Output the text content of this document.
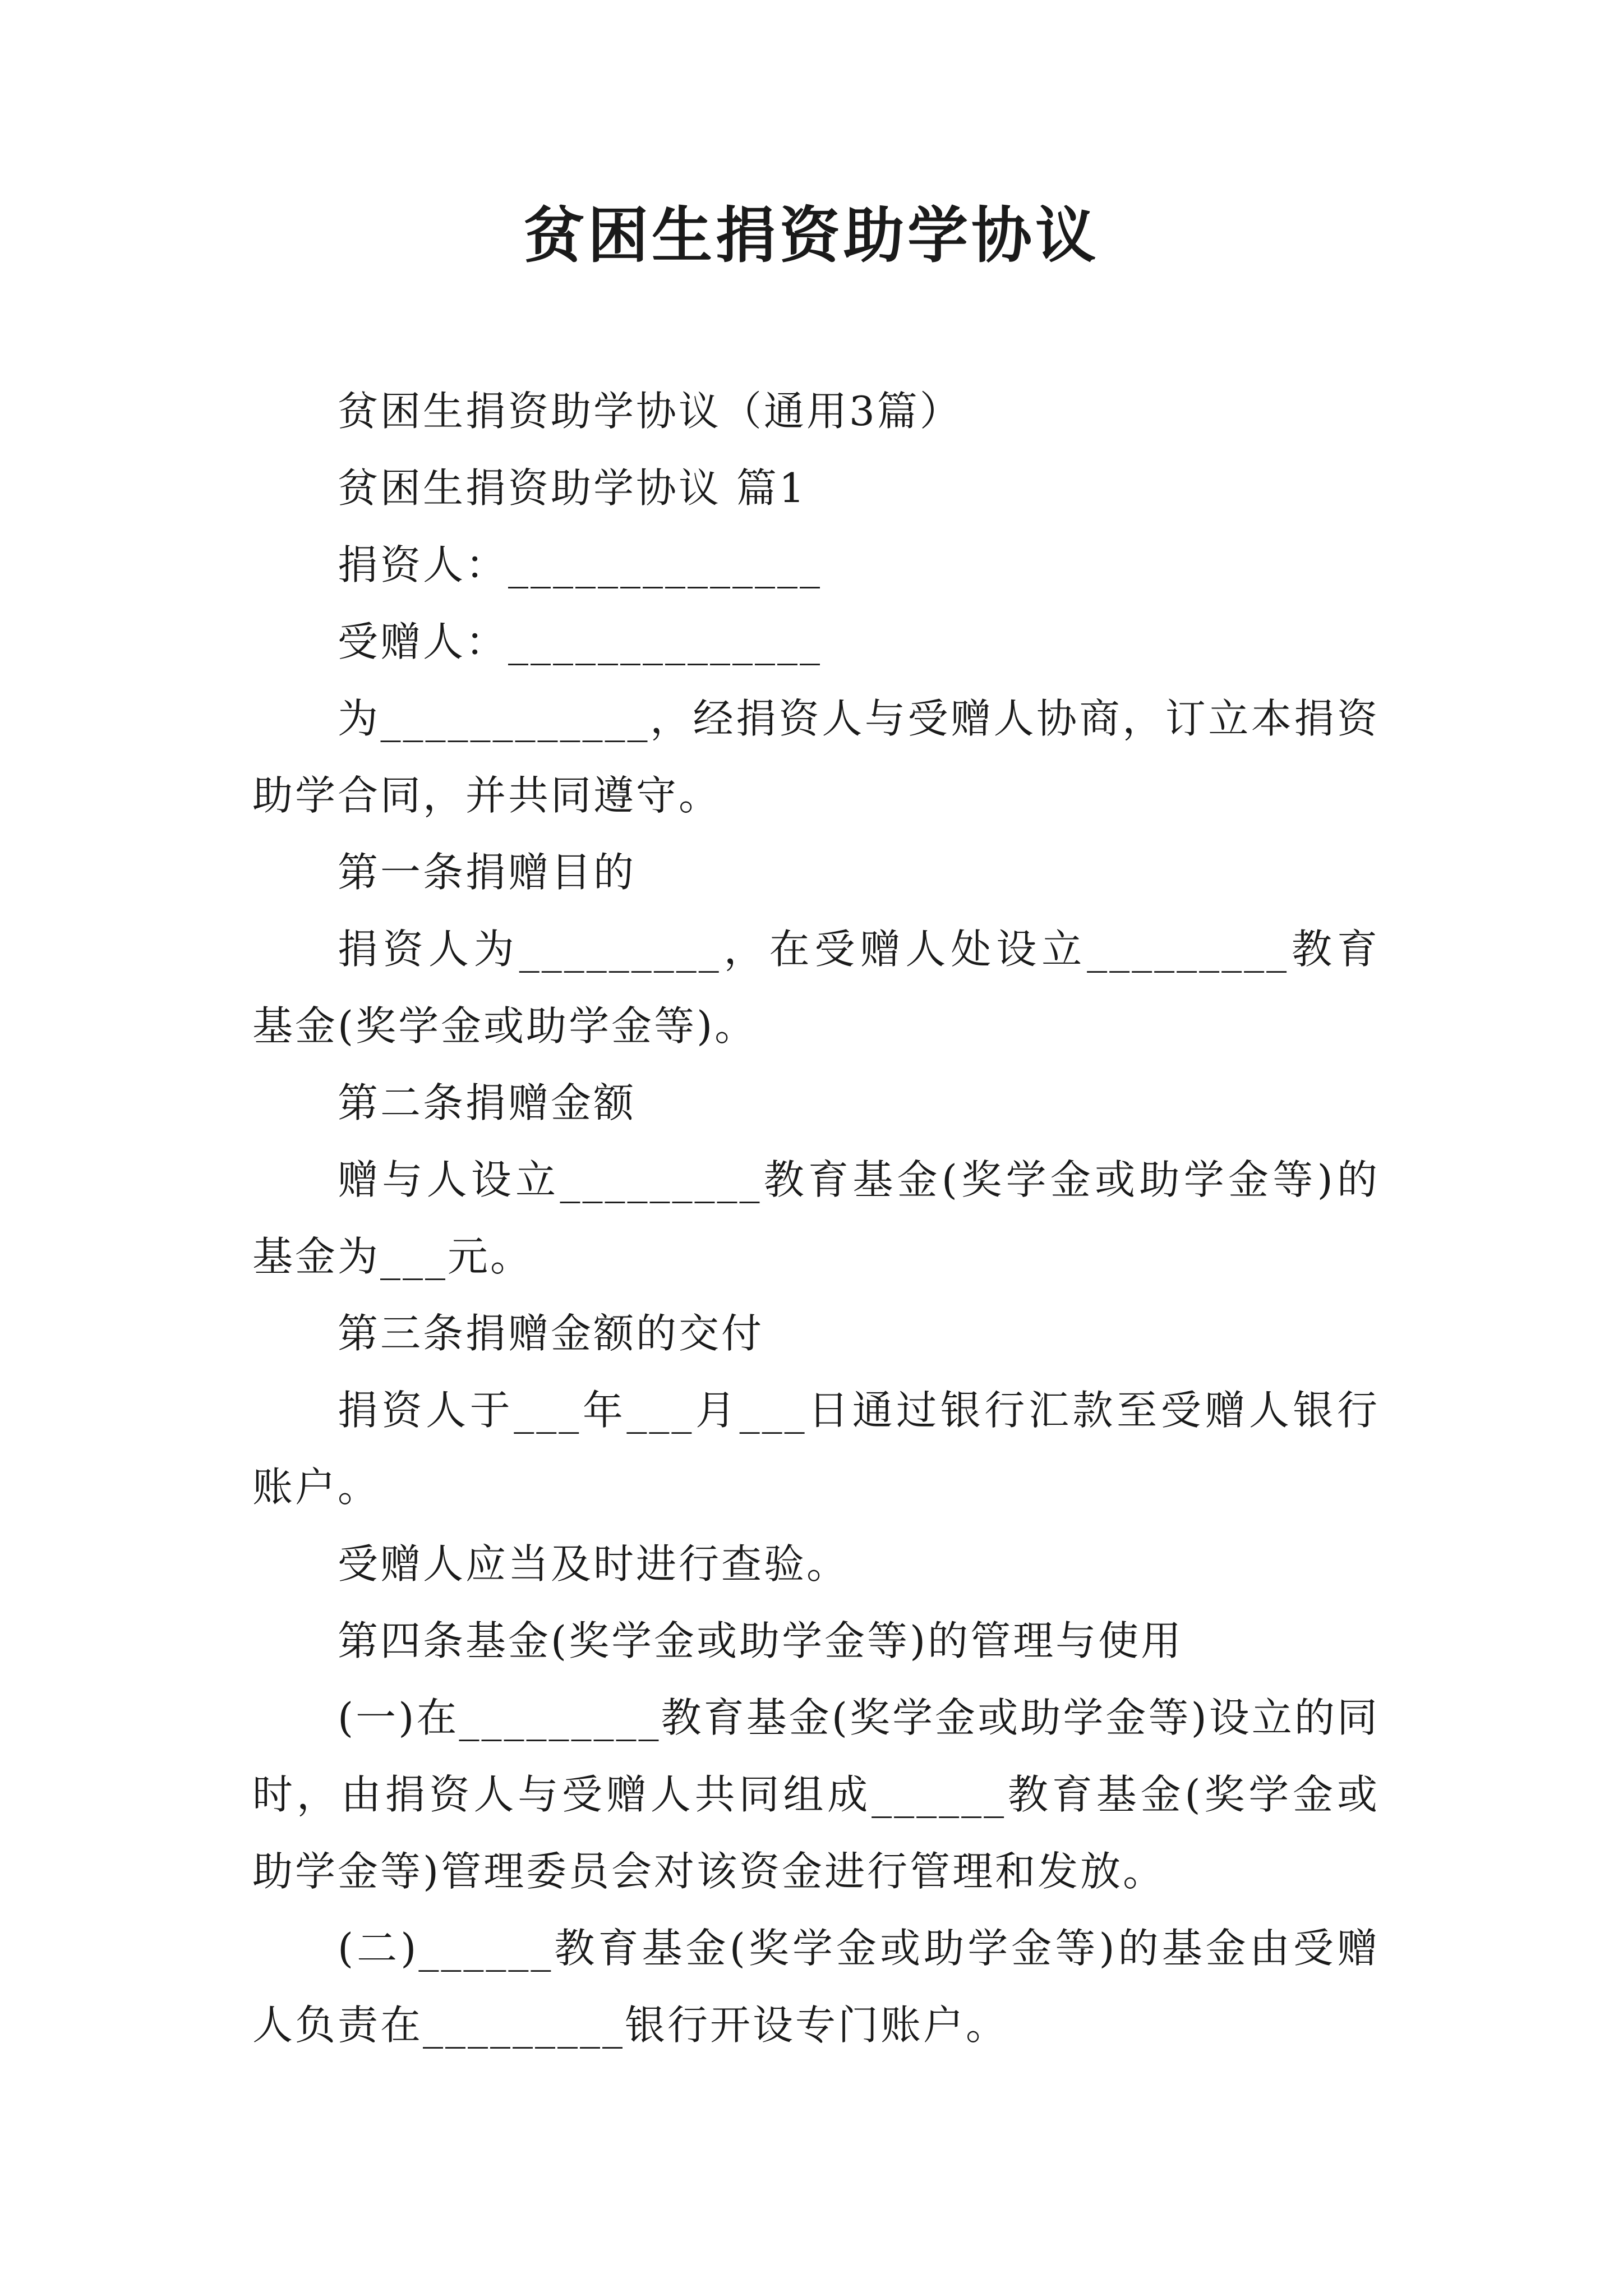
贫困生捐资助学协议

贫困生捐资助学协议（通用3篇）

贫困生捐资助学协议 篇1

捐资人：______________

受赠人：______________

为____________，经捐资人与受赠人协商，订立本捐资助学合同，并共同遵守。

第一条捐赠目的

捐资人为_________，在受赠人处设立_________教育基金(奖学金或助学金等)。

第二条捐赠金额

赠与人设立_________教育基金(奖学金或助学金等)的基金为___元。

第三条捐赠金额的交付

捐资人于___年___月___日通过银行汇款至受赠人银行账户。

受赠人应当及时进行查验。

第四条基金(奖学金或助学金等)的管理与使用

(一)在_________教育基金(奖学金或助学金等)设立的同时，由捐资人与受赠人共同组成______教育基金(奖学金或助学金等)管理委员会对该资金进行管理和发放。

(二)______教育基金(奖学金或助学金等)的基金由受赠人负责在_________银行开设专门账户。
